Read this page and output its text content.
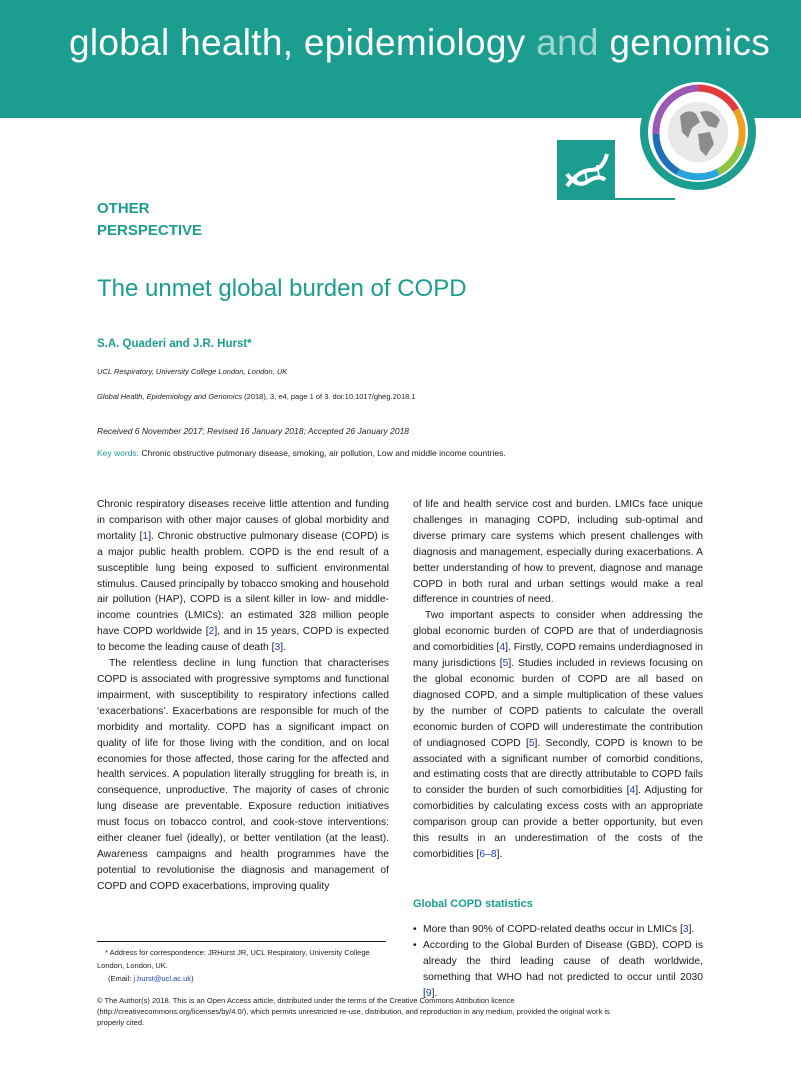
global health, epidemiology and genomics
OTHER
PERSPECTIVE
The unmet global burden of COPD
S.A. Quaderi and J.R. Hurst*
UCL Respiratory, University College London, London, UK
Global Health, Epidemiology and Genomics (2018), 3, e4, page 1 of 3. doi:10.1017/gheg.2018.1
Received 6 November 2017; Revised 16 January 2018; Accepted 26 January 2018
Key words: Chronic obstructive pulmonary disease, smoking, air pollution, Low and middle income countries.

Chronic respiratory diseases receive little attention and funding in comparison with other major causes of global morbidity and mortality [1]. Chronic obstructive pulmonary disease (COPD) is a major public health problem. COPD is the end result of a susceptible lung being exposed to sufficient environmental stimulus. Caused principally by tobacco smoking and household air pollution (HAP), COPD is a silent killer in low- and middle-income countries (LMICs): an estimated 328 million people have COPD worldwide [2], and in 15 years, COPD is expected to become the leading cause of death [3].

The relentless decline in lung function that characterises COPD is associated with progressive symptoms and functional impairment, with susceptibility to respiratory infections called ‘exacerbations’. Exacerbations are responsible for much of the morbidity and mortality. COPD has a significant impact on quality of life for those living with the condition, and on local economies for those affected, those caring for the affected and health services. A population literally struggling for breath is, in consequence, unproductive. The majority of cases of chronic lung disease are preventable. Exposure reduction initiatives must focus on tobacco control, and cook-stove interventions: either cleaner fuel (ideally), or better ventilation (at the least). Awareness campaigns and health programmes have the potential to revolutionise the diagnosis and management of COPD and COPD exacerbations, improving quality

of life and health service cost and burden. LMICs face unique challenges in managing COPD, including sub-optimal and diverse primary care systems which present challenges with diagnosis and management, especially during exacerbations. A better understanding of how to prevent, diagnose and manage COPD in both rural and urban settings would make a real difference in countries of need.

Two important aspects to consider when addressing the global economic burden of COPD are that of underdiagnosis and comorbidities [4]. Firstly, COPD remains underdiagnosed in many jurisdictions [5]. Studies included in reviews focusing on the global economic burden of COPD are all based on diagnosed COPD, and a simple multiplication of these values by the number of COPD patients to calculate the overall economic burden of COPD will underestimate the contribution of undiagnosed COPD [5]. Secondly, COPD is known to be associated with a significant number of comorbid conditions, and estimating costs that are directly attributable to COPD fails to consider the burden of such comorbidities [4]. Adjusting for comorbidities by calculating excess costs with an appropriate comparison group can provide a better opportunity, but even this results in an underestimation of the costs of the comorbidities [6–8].

Global COPD statistics
• More than 90% of COPD-related deaths occur in LMICs [3].
• According to the Global Burden of Disease (GBD), COPD is already the third leading cause of death worldwide, something that WHO had not predicted to occur until 2030 [9].
* Address for correspondence: JRHurst JR, UCL Respiratory, University College London, London, UK.
(Email: j.hurst@ucl.ac.uk)
© The Author(s) 2018. This is an Open Access article, distributed under the terms of the Creative Commons Attribution licence (http://creativecommons.org/licenses/by/4.0/), which permits unrestricted re-use, distribution, and reproduction in any medium, provided the original work is properly cited.
